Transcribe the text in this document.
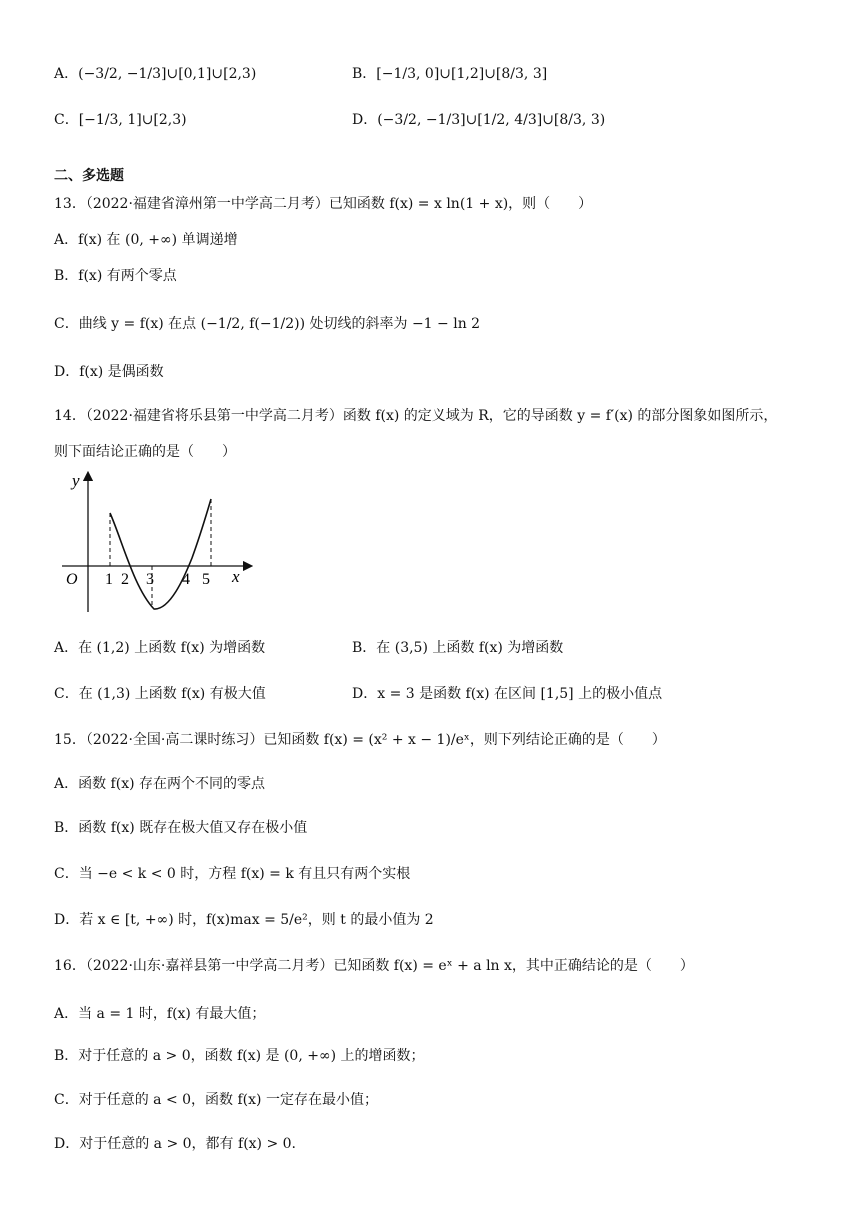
A．(−3/2, −1/3]∪[0,1]∪[2,3)	B．[−1/3, 0]∪[1,2]∪[8/3, 3]
C．[−1/3, 1]∪[2,3)	D．(−3/2, −1/3]∪[1/2, 4/3]∪[8/3, 3)
二、多选题
13．（2022·福建省漳州第一中学高二月考）已知函数 f(x) = x ln(1 + x)，则（　　）
A．f(x) 在 (0, +∞) 单调递增
B．f(x) 有两个零点
C．曲线 y = f(x) 在点 (−1/2, f(−1/2)) 处切线的斜率为 −1 − ln 2
D．f(x) 是偶函数
14．（2022·福建省将乐县第一中学高二月考）函数 f(x) 的定义域为 R，它的导函数 y = f′(x) 的部分图象如图所示，
则下面结论正确的是（　　）
y
x
O 1 2 3 4 5
A．在 (1,2) 上函数 f(x) 为增函数	B．在 (3,5) 上函数 f(x) 为增函数
C．在 (1,3) 上函数 f(x) 有极大值	D．x = 3 是函数 f(x) 在区间 [1,5] 上的极小值点
15．（2022·全国·高二课时练习）已知函数 f(x) = (x² + x − 1)/eˣ，则下列结论正确的是（　　）
A．函数 f(x) 存在两个不同的零点
B．函数 f(x) 既存在极大值又存在极小值
C．当 −e < k < 0 时，方程 f(x) = k 有且只有两个实根
D．若 x ∈ [t, +∞) 时，f(x)max = 5/e²，则 t 的最小值为 2
16．（2022·山东·嘉祥县第一中学高二月考）已知函数 f(x) = eˣ + a ln x，其中正确结论的是（　　）
A．当 a = 1 时，f(x) 有最大值；
B．对于任意的 a > 0，函数 f(x) 是 (0, +∞) 上的增函数；
C．对于任意的 a < 0，函数 f(x) 一定存在最小值；
D．对于任意的 a > 0，都有 f(x) > 0.
